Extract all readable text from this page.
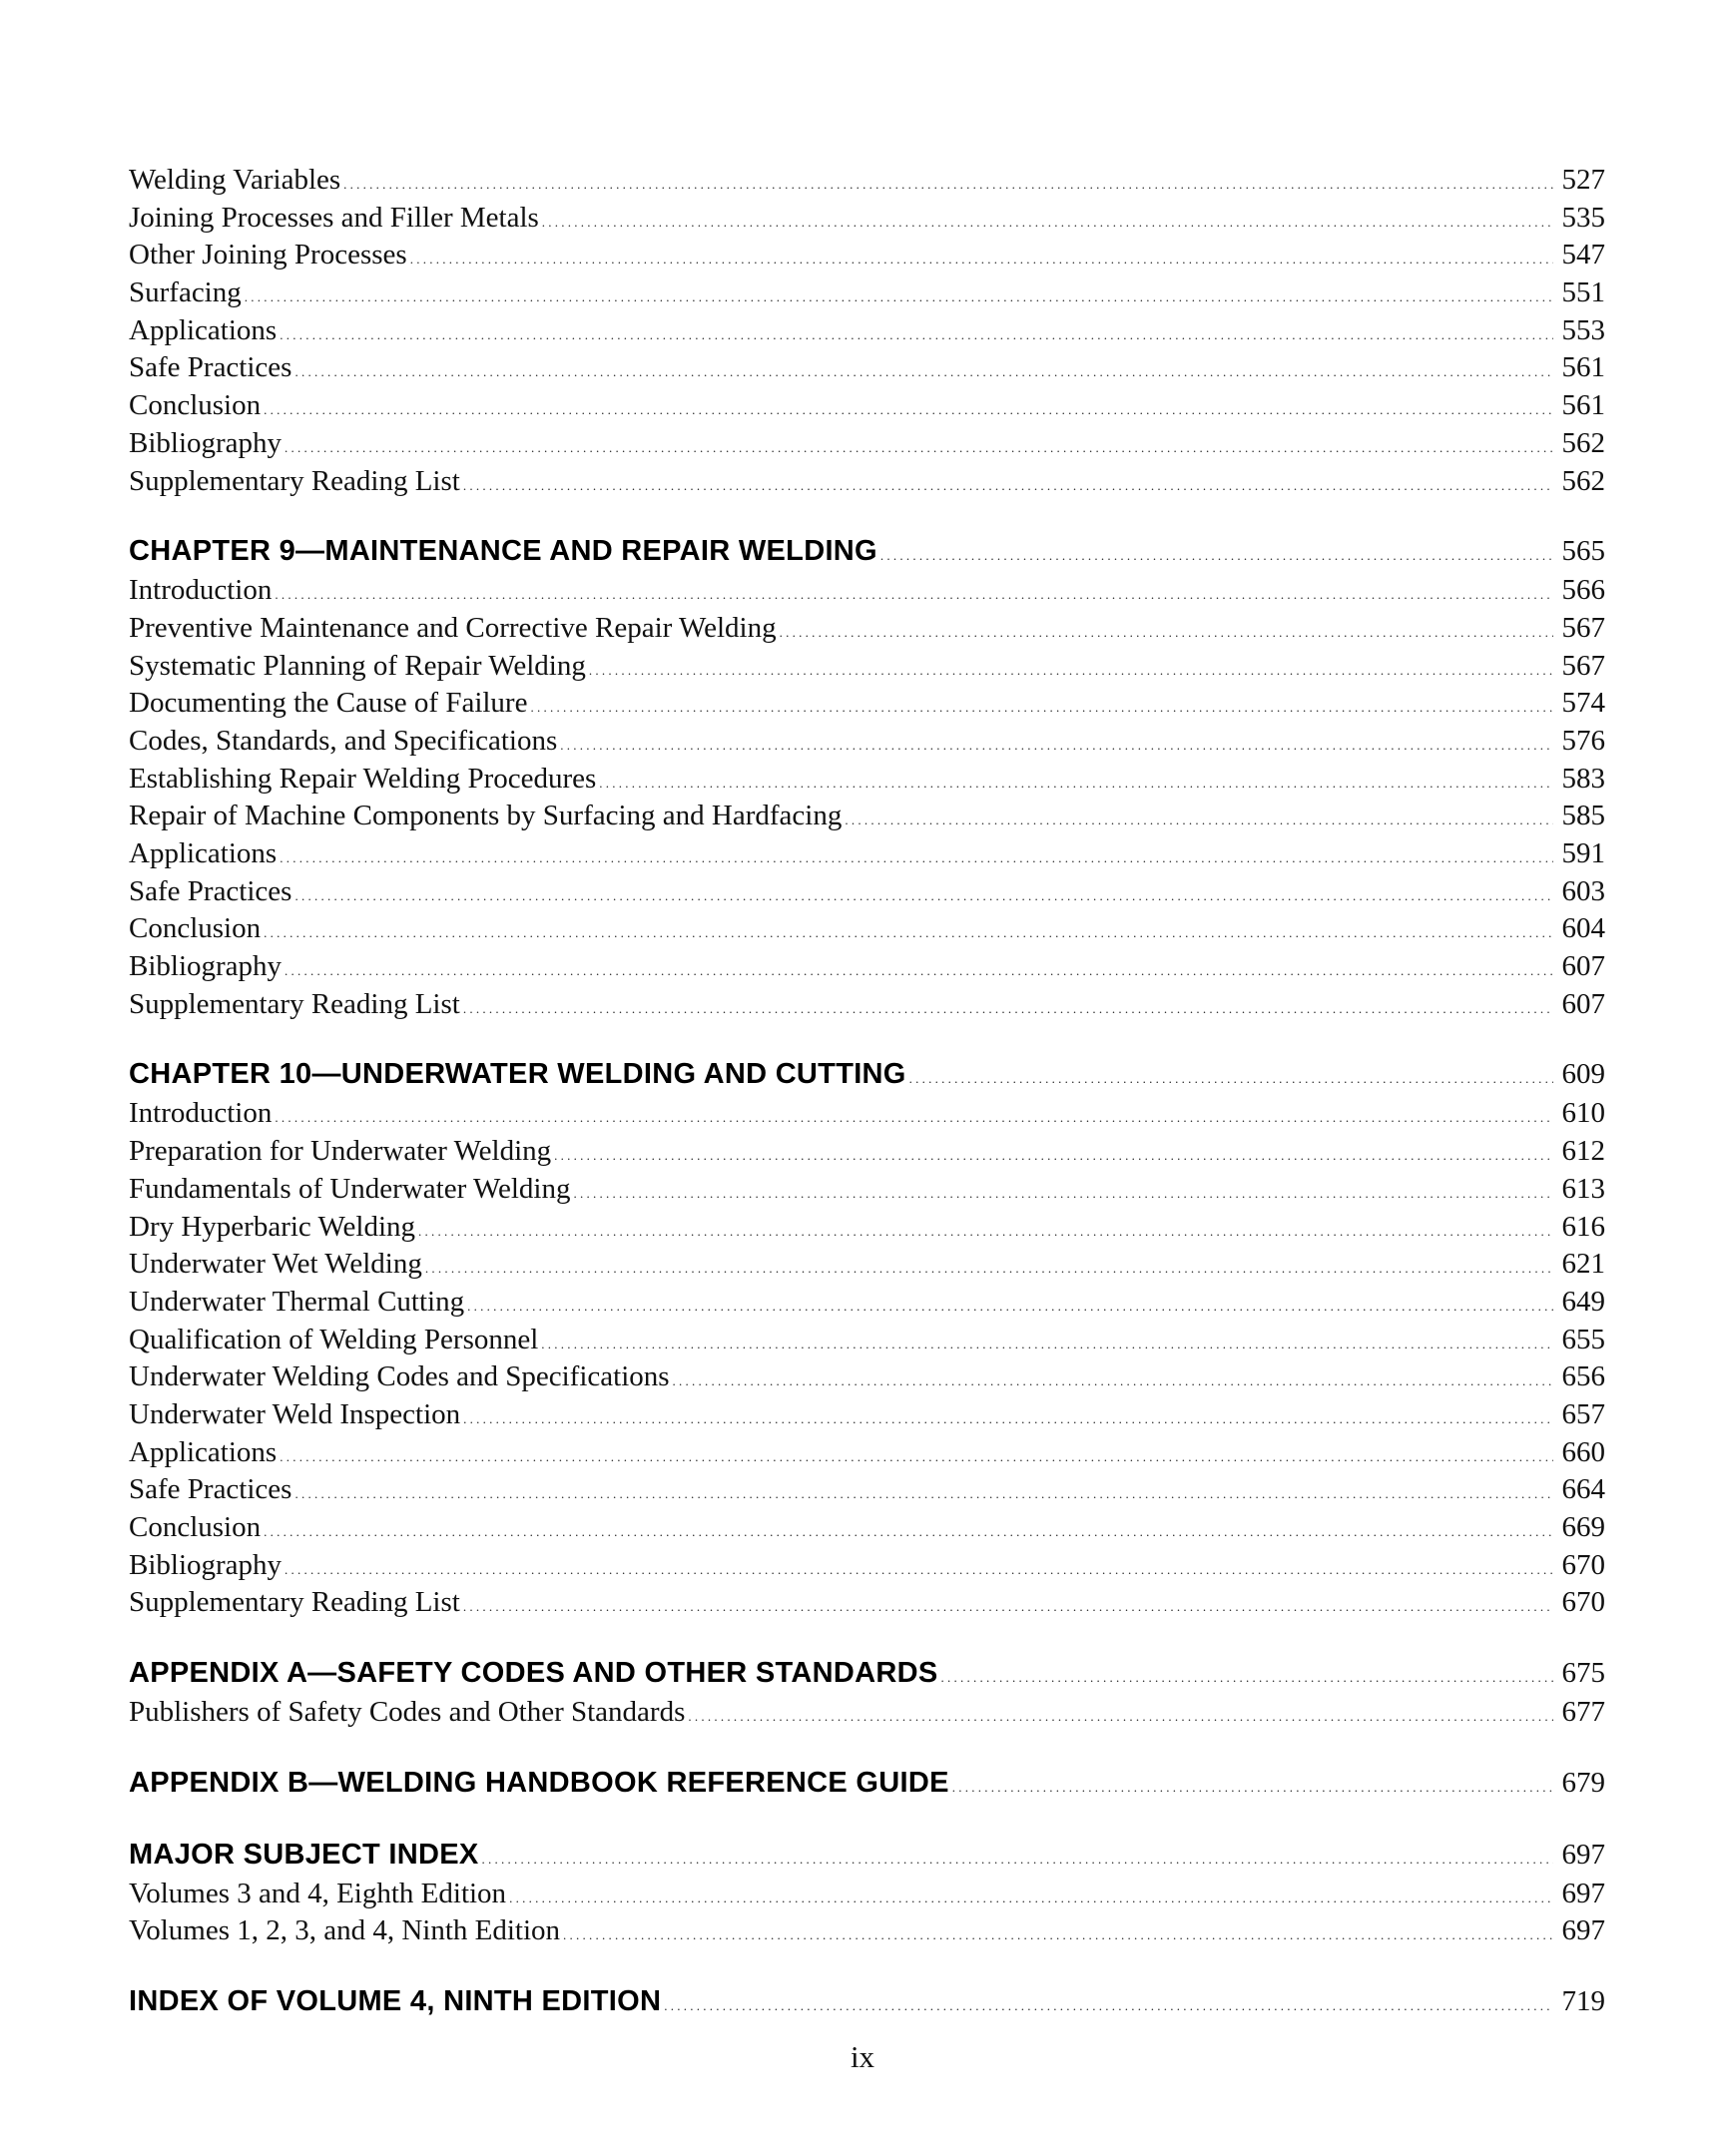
Welding Variables . . .	527
Joining Processes and Filler Metals . . .	535
Other Joining Processes . . .	547
Surfacing . . .	551
Applications . . .	553
Safe Practices . . .	561
Conclusion . . .	561
Bibliography . . .	562
Supplementary Reading List . . .	562
CHAPTER 9—MAINTENANCE AND REPAIR WELDING . . .	565
Introduction . . .	566
Preventive Maintenance and Corrective Repair Welding . . .	567
Systematic Planning of Repair Welding . . .	567
Documenting the Cause of Failure . . .	574
Codes, Standards, and Specifications . . .	576
Establishing Repair Welding Procedures . . .	583
Repair of Machine Components by Surfacing and Hardfacing . . .	585
Applications . . .	591
Safe Practices . . .	603
Conclusion . . .	604
Bibliography . . .	607
Supplementary Reading List . . .	607
CHAPTER 10—UNDERWATER WELDING AND CUTTING . . .	609
Introduction . . .	610
Preparation for Underwater Welding . . .	612
Fundamentals of Underwater Welding . . .	613
Dry Hyperbaric Welding . . .	616
Underwater Wet Welding . . .	621
Underwater Thermal Cutting . . .	649
Qualification of Welding Personnel . . .	655
Underwater Welding Codes and Specifications . . .	656
Underwater Weld Inspection . . .	657
Applications . . .	660
Safe Practices . . .	664
Conclusion . . .	669
Bibliography . . .	670
Supplementary Reading List . . .	670
APPENDIX A—SAFETY CODES AND OTHER STANDARDS . . .	675
Publishers of Safety Codes and Other Standards . . .	677
APPENDIX B—WELDING HANDBOOK REFERENCE GUIDE . . .	679
MAJOR SUBJECT INDEX . . .	697
Volumes 3 and 4, Eighth Edition . . .	697
Volumes 1, 2, 3, and 4, Ninth Edition . . .	697
INDEX OF VOLUME 4, NINTH EDITION . . .	719
ix
